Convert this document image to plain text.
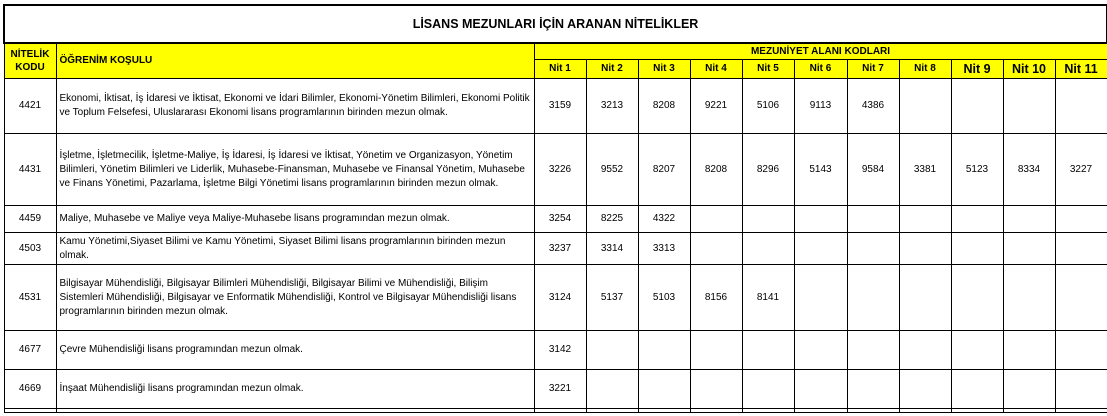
LİSANS MEZUNLARI İÇİN ARANAN NİTELİKLER												
NİTELİK KODU	ÖĞRENİM KOŞULU	MEZUNİYET ALANI KODLARI										
		Nit 1	Nit 2	Nit 3	Nit 4	Nit 5	Nit 6	Nit 7	Nit 8	Nit 9	Nit 10	Nit 11
4421	Ekonomi, İktisat, İş İdaresi ve İktisat, Ekonomi ve İdari Bilimler, Ekonomi-Yönetim Bilimleri, Ekonomi Politik ve Toplum Felsefesi, Uluslararası Ekonomi lisans programlarının birinden mezun olmak.	3159	3213	8208	9221	5106	9113	4386				
4431	İşletme, İşletmecilik, İşletme-Maliye, İş İdaresi, İş İdaresi ve İktisat, Yönetim ve Organizasyon, Yönetim Bilimleri, Yönetim Bilimleri ve Liderlik, Muhasebe-Finansman, Muhasebe ve Finansal Yönetim, Muhasebe ve Finans Yönetimi, Pazarlama, İşletme Bilgi Yönetimi lisans programlarının birinden mezun olmak.	3226	9552	8207	8208	8296	5143	9584	3381	5123	8334	3227
4459	Maliye, Muhasebe ve Maliye veya Maliye-Muhasebe lisans programından mezun olmak.	3254	8225	4322								
4503	Kamu Yönetimi,Siyaset Bilimi ve Kamu Yönetimi, Siyaset Bilimi lisans programlarının birinden mezun olmak.	3237	3314	3313								
4531	Bilgisayar Mühendisliği, Bilgisayar Bilimleri Mühendisliği, Bilgisayar Bilimi ve Mühendisliği, Bilişim Sistemleri Mühendisliği, Bilgisayar ve Enformatik Mühendisliği, Kontrol ve Bilgisayar Mühendisliği lisans programlarının birinden mezun olmak.	3124	5137	5103	8156	8141						
4677	Çevre Mühendisliği lisans programından mezun olmak.	3142										
4669	İnşaat Mühendisliği lisans programından mezun olmak.	3221										
